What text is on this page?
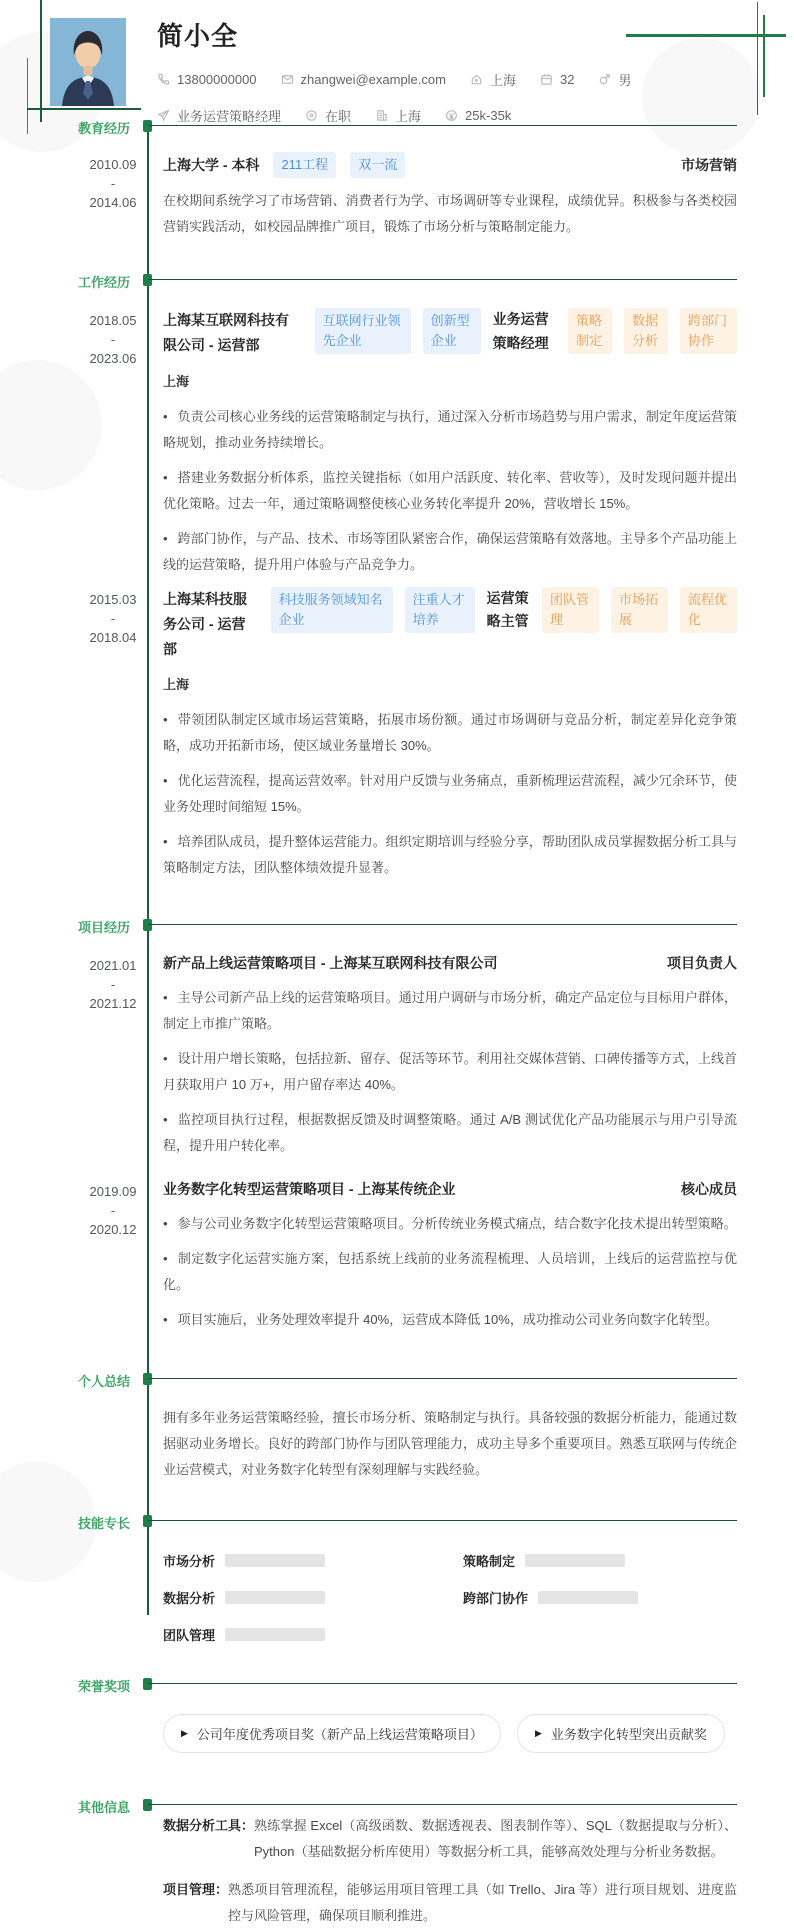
简小全
13800000000	zhangwei@example.com	上海	32	男
业务运营策略经理	在职	上海	25k-35k
教育经历
2010.09
-
2014.06
上海大学 - 本科	211工程	双一流	市场营销
在校期间系统学习了市场营销、消费者行为学、市场调研等专业课程，成绩优异。积极参与各类校园营销实践活动，如校园品牌推广项目，锻炼了市场分析与策略制定能力。
工作经历
2018.05
-
2023.06
上海某互联网科技有限公司 - 运营部
互联网行业领先企业
创新型企业
业务运营策略经理
策略制定
数据分析
跨部门协作
上海
• 负责公司核心业务线的运营策略制定与执行，通过深入分析市场趋势与用户需求，制定年度运营策略规划，推动业务持续增长。
• 搭建业务数据分析体系，监控关键指标（如用户活跃度、转化率、营收等），及时发现问题并提出优化策略。过去一年，通过策略调整使核心业务转化率提升 20%，营收增长 15%。
• 跨部门协作，与产品、技术、市场等团队紧密合作，确保运营策略有效落地。主导多个产品功能上线的运营策略，提升用户体验与产品竞争力。
2015.03
-
2018.04
上海某科技服务公司 - 运营部
科技服务领域知名企业
注重人才培养
运营策略主管
团队管理
市场拓展
流程优化
上海
• 带领团队制定区域市场运营策略，拓展市场份额。通过市场调研与竞品分析，制定差异化竞争策略，成功开拓新市场，使区域业务量增长 30%。
• 优化运营流程，提高运营效率。针对用户反馈与业务痛点，重新梳理运营流程，减少冗余环节，使业务处理时间缩短 15%。
• 培养团队成员，提升整体运营能力。组织定期培训与经验分享，帮助团队成员掌握数据分析工具与策略制定方法，团队整体绩效提升显著。
项目经历
2021.01
-
2021.12
新产品上线运营策略项目 - 上海某互联网科技有限公司	项目负责人
• 主导公司新产品上线的运营策略项目。通过用户调研与市场分析，确定产品定位与目标用户群体，制定上市推广策略。
• 设计用户增长策略，包括拉新、留存、促活等环节。利用社交媒体营销、口碑传播等方式，上线首月获取用户 10 万+，用户留存率达 40%。
• 监控项目执行过程，根据数据反馈及时调整策略。通过 A/B 测试优化产品功能展示与用户引导流程，提升用户转化率。
2019.09
-
2020.12
业务数字化转型运营策略项目 - 上海某传统企业	核心成员
• 参与公司业务数字化转型运营策略项目。分析传统业务模式痛点，结合数字化技术提出转型策略。
• 制定数字化运营实施方案，包括系统上线前的业务流程梳理、人员培训，上线后的运营监控与优化。
• 项目实施后，业务处理效率提升 40%，运营成本降低 10%，成功推动公司业务向数字化转型。
个人总结
拥有多年业务运营策略经验，擅长市场分析、策略制定与执行。具备较强的数据分析能力，能通过数据驱动业务增长。良好的跨部门协作与团队管理能力，成功主导多个重要项目。熟悉互联网与传统企业运营模式，对业务数字化转型有深刻理解与实践经验。
技能专长
市场分析	策略制定
数据分析	跨部门协作
团队管理
荣誉奖项
▶ 公司年度优秀项目奖（新产品上线运营策略项目）	▶ 业务数字化转型突出贡献奖
其他信息
数据分析工具： 熟练掌握 Excel（高级函数、数据透视表、图表制作等）、SQL（数据提取与分析）、Python（基础数据分析库使用）等数据分析工具，能够高效处理与分析业务数据。
项目管理： 熟悉项目管理流程，能够运用项目管理工具（如 Trello、Jira 等）进行项目规划、进度监控与风险管理，确保项目顺利推进。
